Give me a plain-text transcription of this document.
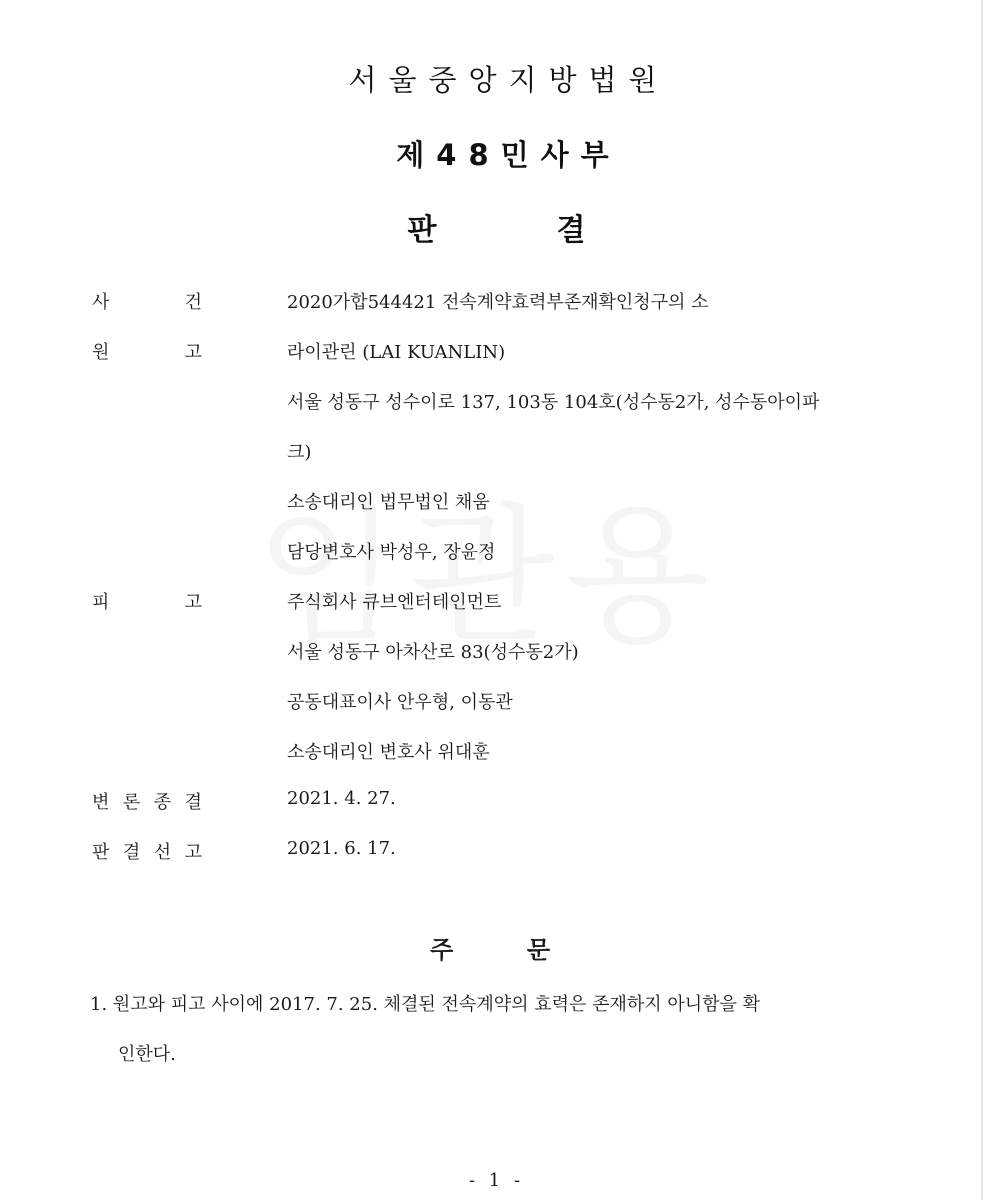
서울중앙지방법원
제48민사부
판	결
사	건	2020가합544421 전속계약효력부존재확인청구의 소
원	고	라이관린 (LAI KUANLIN)
서울 성동구 성수이로 137, 103동 104호(성수동2가, 성수동아이파
크)
소송대리인 법무법인 채움
담당변호사 박성우, 장윤정
피	고	주식회사 큐브엔터테인먼트
서울 성동구 아차산로 83(성수동2가)
공동대표이사 안우형, 이동관
소송대리인 변호사 위대훈
변 론 종 결	2021. 4. 27.
판 결 선 고	2021. 6. 17.
주	문
1. 원고와 피고 사이에 2017. 7. 25. 체결된 전속계약의 효력은 존재하지 아니함을 확
인한다.
- 1 -
